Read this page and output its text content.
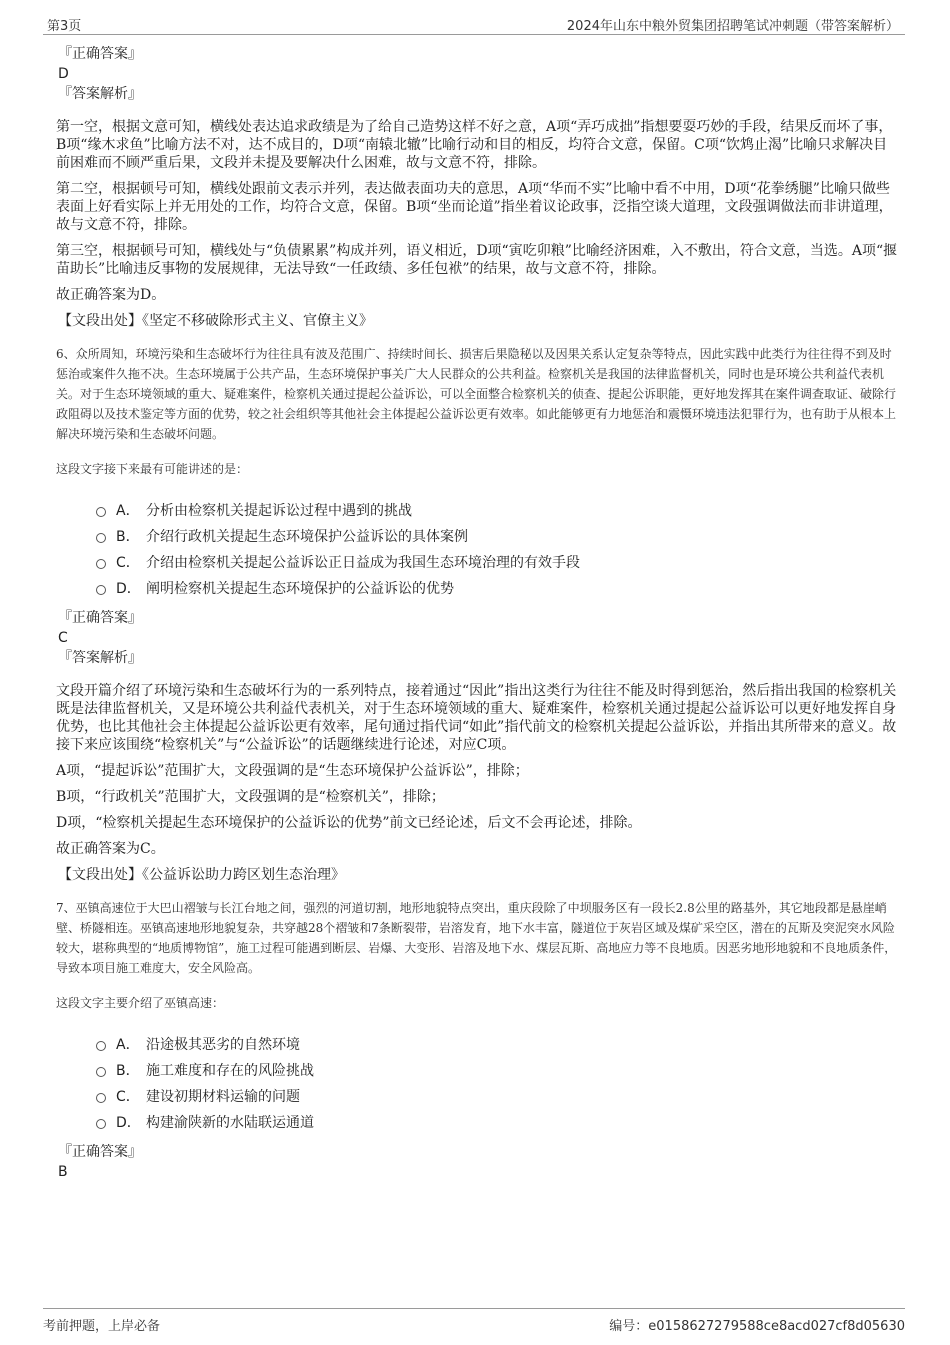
第3页	2024年山东中粮外贸集团招聘笔试冲刺题（带答案解析）
『正确答案』
D
『答案解析』

第一空，根据文意可知，横线处表达追求政绩是为了给自己造势这样不好之意，A项“弄巧成拙”指想要耍巧妙的手段，结果反而坏了事，B项“缘木求鱼”比喻方法不对，达不成目的，D项“南辕北辙”比喻行动和目的相反，均符合文意，保留。C项“饮鸩止渴”比喻只求解决目前困难而不顾严重后果，文段并未提及要解决什么困难，故与文意不符，排除。

第二空，根据顿号可知，横线处跟前文表示并列，表达做表面功夫的意思，A项“华而不实”比喻中看不中用，D项“花拳绣腿”比喻只做些表面上好看实际上并无用处的工作，均符合文意，保留。B项“坐而论道”指坐着议论政事，泛指空谈大道理，文段强调做法而非讲道理，故与文意不符，排除。

第三空，根据顿号可知，横线处与“负债累累”构成并列，语义相近，D项“寅吃卯粮”比喻经济困难，入不敷出，符合文意，当选。A项“揠苗助长”比喻违反事物的发展规律，无法导致“一任政绩、多任包袱”的结果，故与文意不符，排除。

故正确答案为D。

【文段出处】《坚定不移破除形式主义、官僚主义》
6、众所周知，环境污染和生态破坏行为往往具有波及范围广、持续时间长、损害后果隐秘以及因果关系认定复杂等特点，因此实践中此类行为往往得不到及时惩治或案件久拖不决。生态环境属于公共产品，生态环境保护事关广大人民群众的公共利益。检察机关是我国的法律监督机关，同时也是环境公共利益代表机关。对于生态环境领域的重大、疑难案件，检察机关通过提起公益诉讼，可以全面整合检察机关的侦查、提起公诉职能，更好地发挥其在案件调查取证、破除行政阻碍以及技术鉴定等方面的优势，较之社会组织等其他社会主体提起公益诉讼更有效率。如此能够更有力地惩治和震慑环境违法犯罪行为，也有助于从根本上解决环境污染和生态破坏问题。
这段文字接下来最有可能讲述的是：
A． 分析由检察机关提起诉讼过程中遇到的挑战
B． 介绍行政机关提起生态环境保护公益诉讼的具体案例
C． 介绍由检察机关提起公益诉讼正日益成为我国生态环境治理的有效手段
D． 阐明检察机关提起生态环境保护的公益诉讼的优势
『正确答案』
C
『答案解析』

文段开篇介绍了环境污染和生态破坏行为的一系列特点，接着通过“因此”指出这类行为往往不能及时得到惩治，然后指出我国的检察机关既是法律监督机关，又是环境公共利益代表机关，对于生态环境领域的重大、疑难案件，检察机关通过提起公益诉讼可以更好地发挥自身优势，也比其他社会主体提起公益诉讼更有效率，尾句通过指代词“如此”指代前文的检察机关提起公益诉讼，并指出其所带来的意义。故接下来应该围绕“检察机关”与“公益诉讼”的话题继续进行论述，对应C项。

A项，“提起诉讼”范围扩大，文段强调的是“生态环境保护公益诉讼”，排除；

B项，“行政机关”范围扩大，文段强调的是“检察机关”，排除；

D项，“检察机关提起生态环境保护的公益诉讼的优势”前文已经论述，后文不会再论述，排除。

故正确答案为C。

【文段出处】《公益诉讼助力跨区划生态治理》
7、巫镇高速位于大巴山褶皱与长江台地之间，强烈的河道切割，地形地貌特点突出，重庆段除了中坝服务区有一段长2.8公里的路基外，其它地段都是悬崖峭壁、桥隧相连。巫镇高速地形地貌复杂，共穿越28个褶皱和7条断裂带，岩溶发育，地下水丰富，隧道位于灰岩区域及煤矿采空区，潜在的瓦斯及突泥突水风险较大，堪称典型的“地质博物馆”，施工过程可能遇到断层、岩爆、大变形、岩溶及地下水、煤层瓦斯、高地应力等不良地质。因恶劣地形地貌和不良地质条件，导致本项目施工难度大，安全风险高。
这段文字主要介绍了巫镇高速：
A． 沿途极其恶劣的自然环境
B． 施工难度和存在的风险挑战
C． 建设初期材料运输的问题
D． 构建渝陕新的水陆联运通道
『正确答案』
B
考前押题，上岸必备	编号：e0158627279588ce8acd027cf8d05630
